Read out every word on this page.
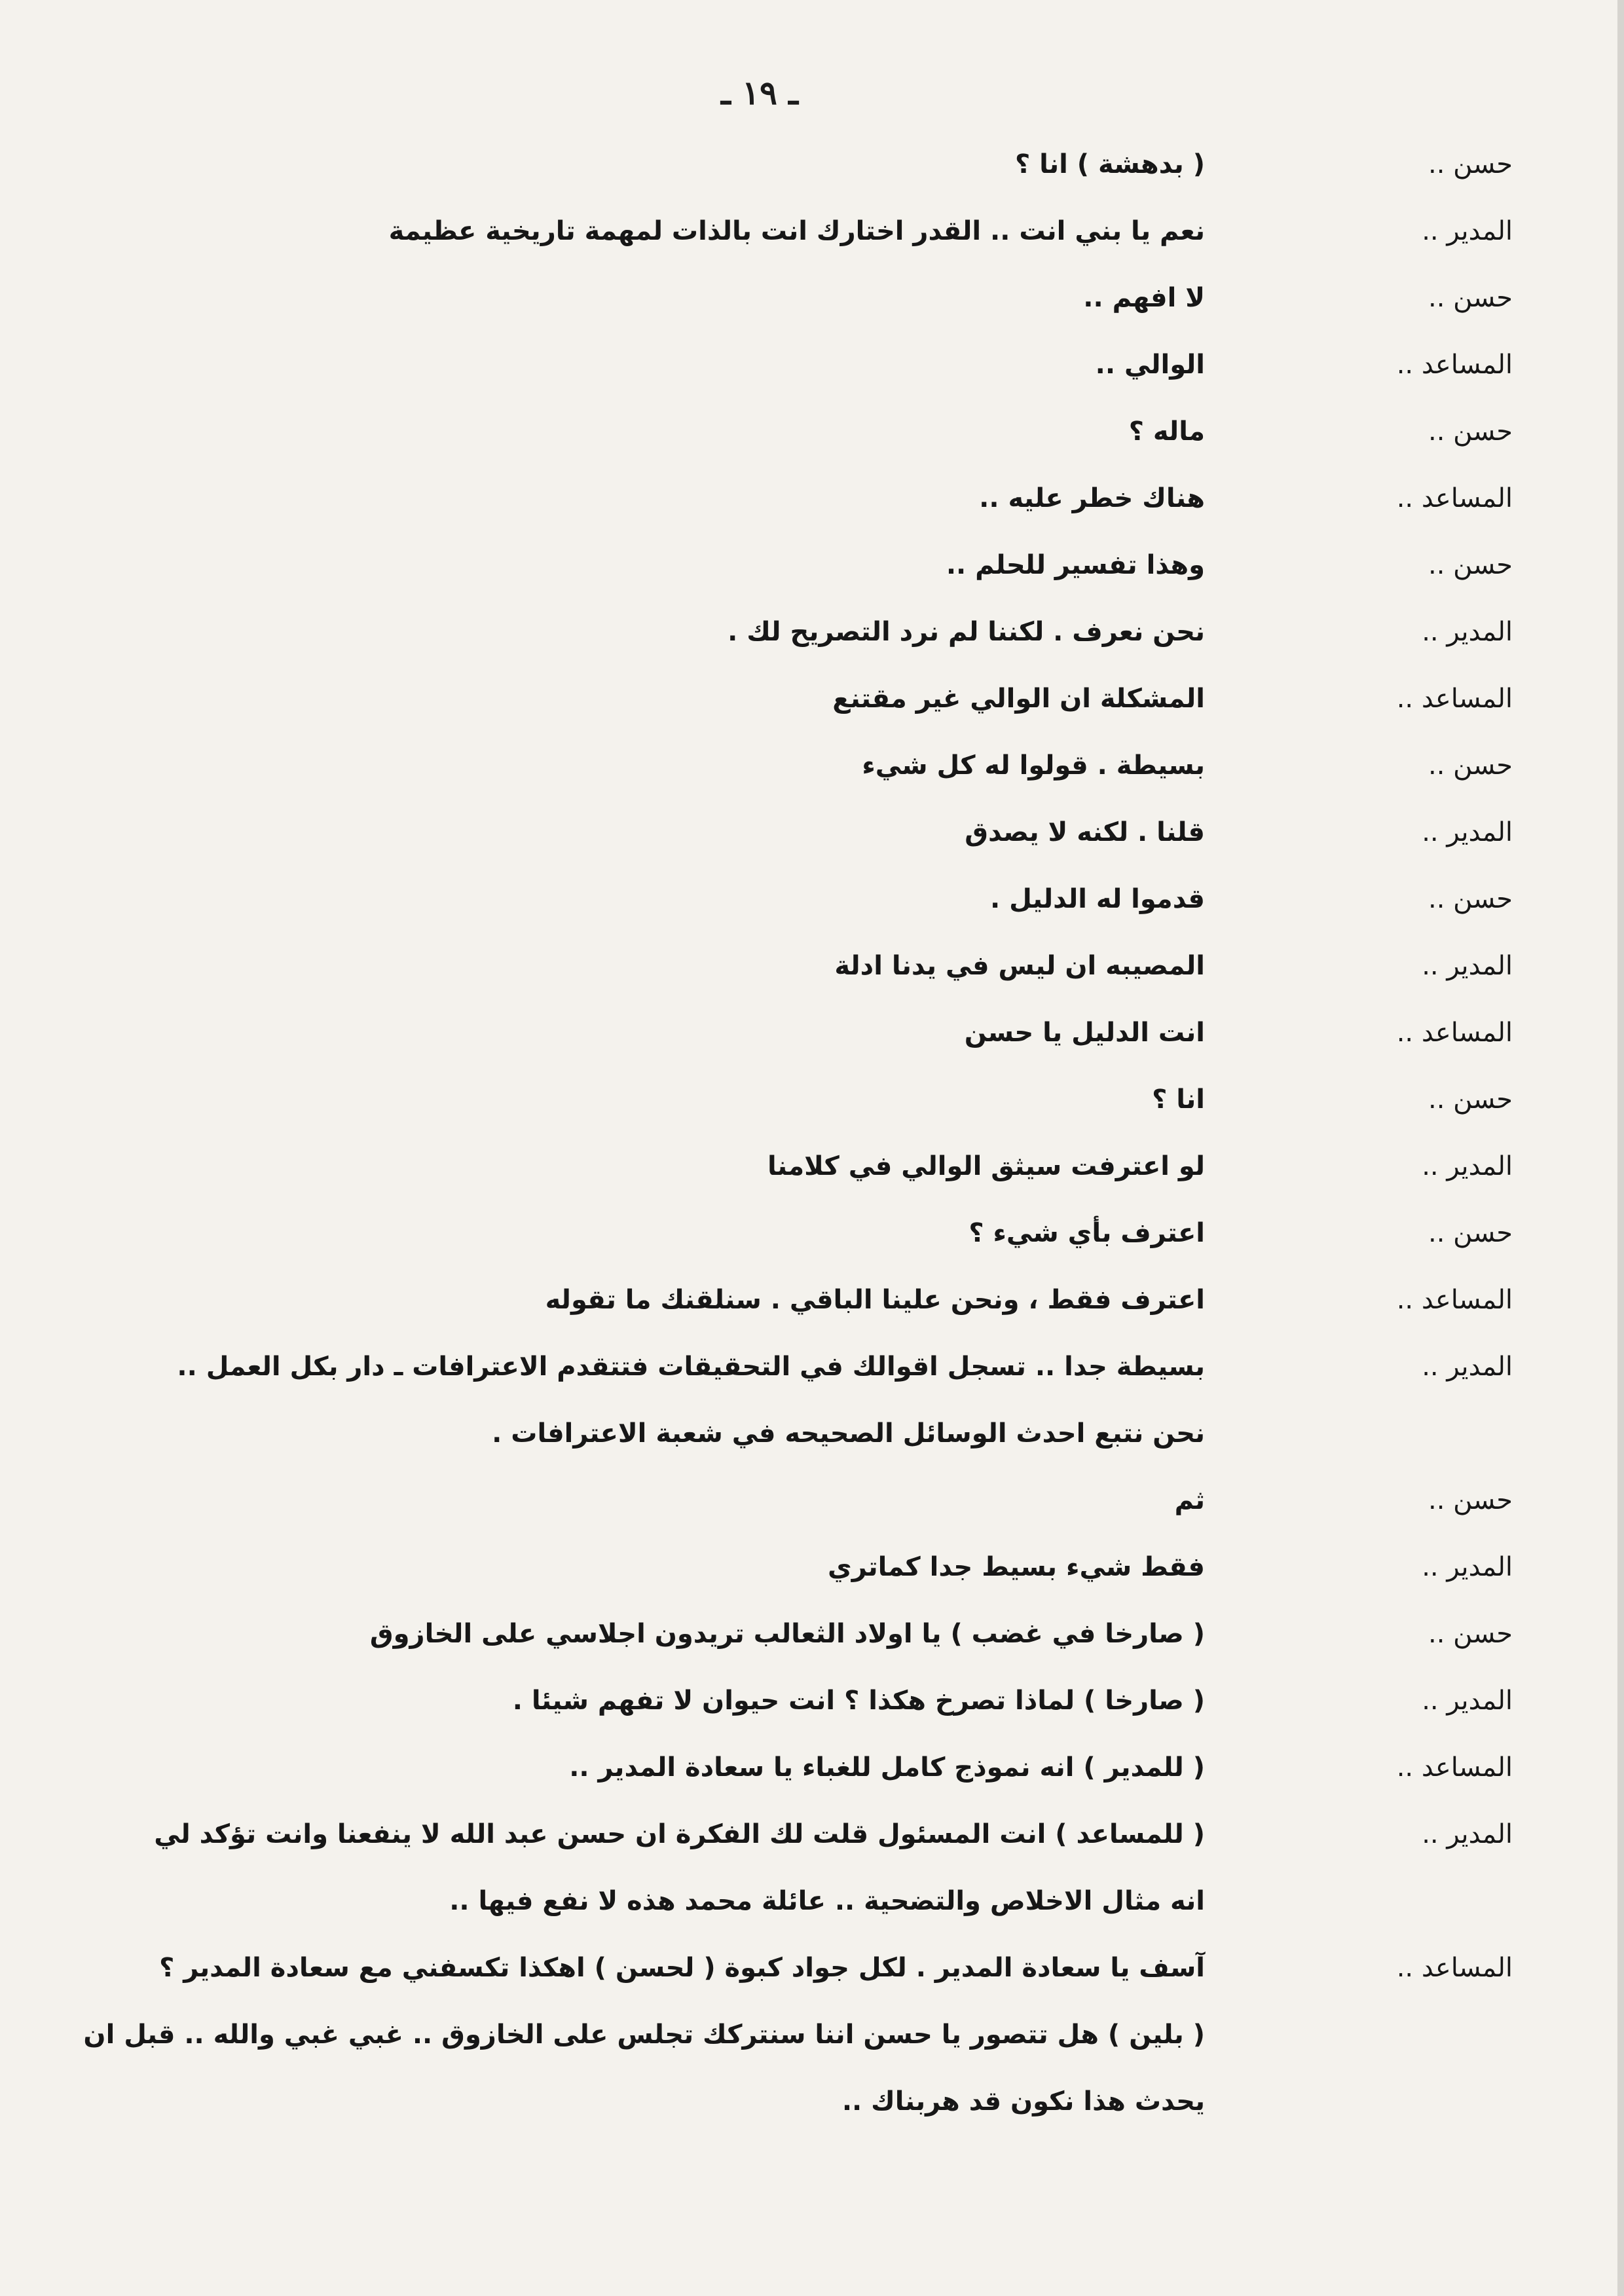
ـ ١٩ ـ
حسن ..
( بدهشة ) انا ؟
المدير ..
نعم يا بني انت .. القدر اختارك انت بالذات لمهمة تاريخية عظيمة
حسن ..
لا افهم ..
المساعد ..
الوالي ..
حسن ..
ماله ؟
المساعد ..
هناك خطر عليه ..
حسن ..
وهذا تفسير للحلم ..
المدير ..
نحن نعرف . لكننا لم نرد التصريح لك .
المساعد ..
المشكلة ان الوالي غير مقتنع
حسن ..
بسيطة . قولوا له كل شيء
المدير ..
قلنا . لكنه لا يصدق
حسن ..
قدموا له الدليل .
المدير ..
المصيبه ان ليس في يدنا ادلة
المساعد ..
انت الدليل يا حسن
حسن ..
انا ؟
المدير ..
لو اعترفت سيثق الوالي في كلامنا
حسن ..
اعترف بأي شيء ؟
المساعد ..
اعترف فقط ، ونحن علينا الباقي . سنلقنك ما تقوله
المدير ..
بسيطة جدا .. تسجل اقوالك في التحقيقات فتتقدم الاعترافات ـ دار بكل العمل ..
نحن نتبع احدث الوسائل الصحيحه في شعبة الاعترافات .
حسن ..
ثم
المدير ..
فقط شيء بسيط جدا كماتري
حسن ..
( صارخا في غضب ) يا اولاد الثعالب تريدون اجلاسي على الخازوق
المدير ..
( صارخا ) لماذا تصرخ هكذا ؟ انت حيوان لا تفهم شيئا .
المساعد ..
( للمدير ) انه نموذج كامل للغباء يا سعادة المدير ..
المدير ..
( للمساعد ) انت المسئول قلت لك الفكرة ان حسن عبد الله لا ينفعنا وانت تؤكد لي
انه مثال الاخلاص والتضحية .. عائلة محمد هذه لا نفع فيها ..
المساعد ..
آسف يا سعادة المدير . لكل جواد كبوة ( لحسن ) اهكذا تكسفني مع سعادة المدير ؟
( بلين ) هل تتصور يا حسن اننا سنتركك تجلس على الخازوق .. غبي غبي والله .. قبل ان
يحدث هذا نكون قد هربناك ..
